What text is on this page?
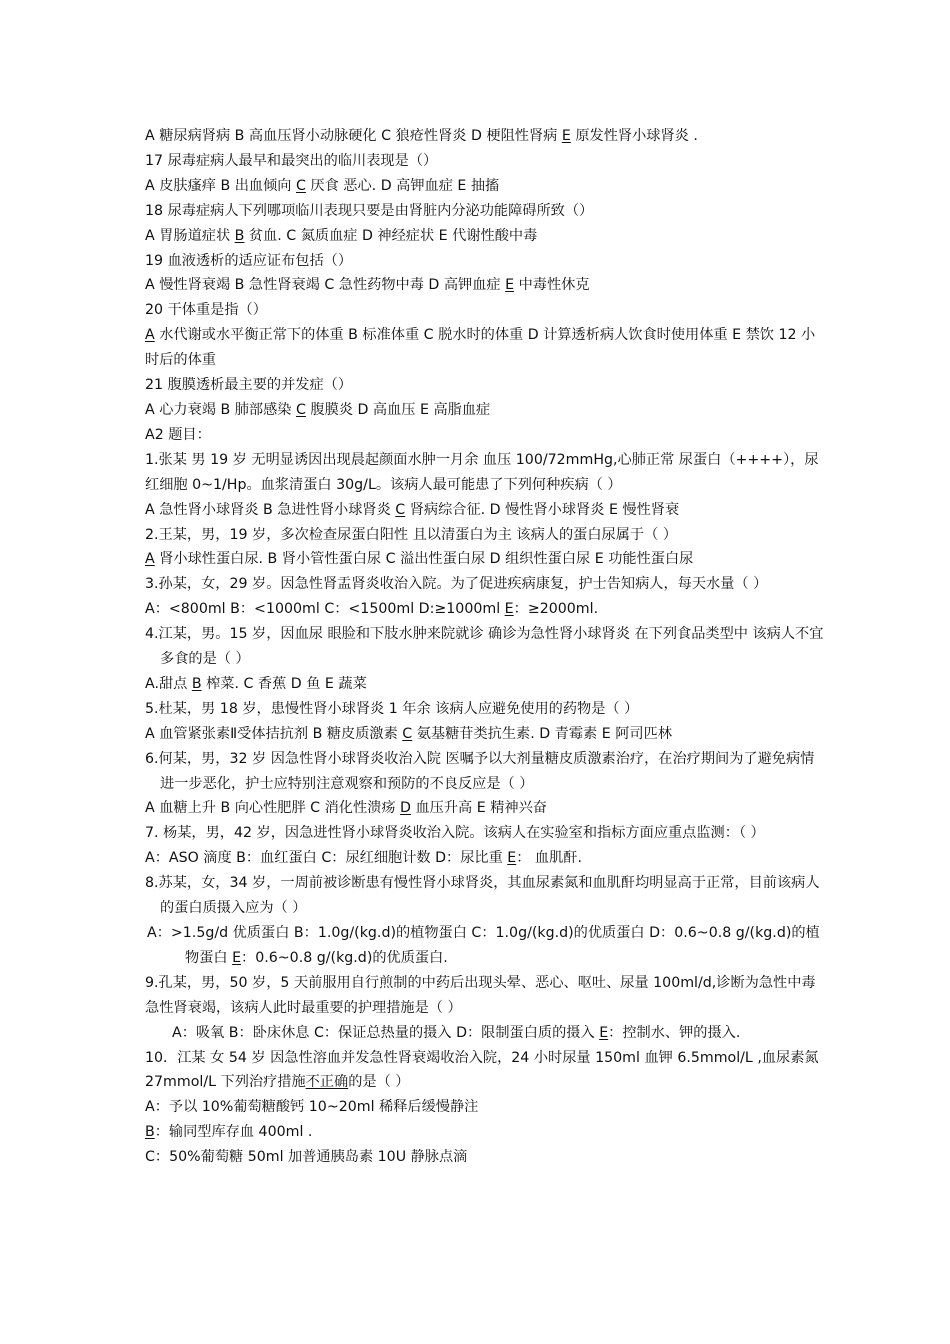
A 糖尿病肾病 B 高血压肾小动脉硬化 C 狼疮性肾炎 D 梗阻性肾病 E 原发性肾小球肾炎 .
17 尿毒症病人最早和最突出的临川表现是（）
A 皮肤瘙痒 B 出血倾向 C 厌食 恶心. D 高钾血症 E 抽搐
18 尿毒症病人下列哪项临川表现只要是由肾脏内分泌功能障碍所致（）
A 胃肠道症状 B 贫血. C 氮质血症 D 神经症状 E 代谢性酸中毒
19 血液透析的适应证布包括（）
A 慢性肾衰竭 B 急性肾衰竭 C 急性药物中毒 D 高钾血症 E 中毒性休克
20 干体重是指（）
A 水代谢或水平衡正常下的体重 B 标准体重 C 脱水时的体重 D 计算透析病人饮食时使用体重 E 禁饮 12 小时后的体重
21 腹膜透析最主要的并发症（）
A 心力衰竭 B 肺部感染 C 腹膜炎 D 高血压 E 高脂血症
A2 题目：
1.张某 男 19 岁 无明显诱因出现晨起颜面水肿一月余 血压 100/72mmHg,心肺正常 尿蛋白（++++），尿红细胞 0~1/Hp。血浆清蛋白 30g/L。该病人最可能患了下列何种疾病（ ）
A 急性肾小球肾炎 B 急进性肾小球肾炎 C 肾病综合征. D 慢性肾小球肾炎 E 慢性肾衰
2.王某，男，19 岁，多次检查尿蛋白阳性 且以清蛋白为主 该病人的蛋白尿属于（ ）
A 肾小球性蛋白尿. B 肾小管性蛋白尿 C 溢出性蛋白尿 D 组织性蛋白尿 E 功能性蛋白尿
3.孙某，女，29 岁。因急性肾盂肾炎收治入院。为了促进疾病康复，护士告知病人，每天水量（ ）
A：<800ml B：<1000ml C：<1500ml D:≥1000ml E：≥2000ml.
4.江某，男。15 岁，因血尿 眼脸和下肢水肿来院就诊 确诊为急性肾小球肾炎 在下列食品类型中 该病人不宜多食的是（ ）
A.甜点 B 榨菜. C 香蕉 D 鱼 E 蔬菜
5.杜某，男 18 岁，患慢性肾小球肾炎 1 年余 该病人应避免使用的药物是（ ）
A 血管紧张素Ⅱ受体拮抗剂 B 糖皮质激素 C 氨基糖苷类抗生素. D 青霉素 E 阿司匹林
6.何某，男，32 岁 因急性肾小球肾炎收治入院 医嘱予以大剂量糖皮质激素治疗，在治疗期间为了避免病情进一步恶化，护士应特别注意观察和预防的不良反应是（ ）
A 血糖上升 B 向心性肥胖 C 消化性溃疡 D 血压升高 E 精神兴奋
7. 杨某，男，42 岁，因急进性肾小球肾炎收治入院。该病人在实验室和指标方面应重点监测：（ ）
A：ASO 滴度 B：血红蛋白 C：尿红细胞计数 D：尿比重 E： 血肌酐.
8.苏某，女，34 岁，一周前被诊断患有慢性肾小球肾炎，其血尿素氮和血肌酐均明显高于正常，目前该病人的蛋白质摄入应为（ ）
A：>1.5g/d 优质蛋白 B：1.0g/(kg.d)的植物蛋白 C：1.0g/(kg.d)的优质蛋白 D：0.6~0.8 g/(kg.d)的植物蛋白 E：0.6~0.8 g/(kg.d)的优质蛋白.
9.孔某，男，50 岁，5 天前服用自行煎制的中药后出现头晕、恶心、呕吐、尿量 100ml/d,诊断为急性中毒 急性肾衰竭，该病人此时最重要的护理措施是（ ）
A：吸氧 B：卧床休息 C：保证总热量的摄入 D：限制蛋白质的摄入 E：控制水、钾的摄入.
10．江某 女 54 岁 因急性溶血并发急性肾衰竭收治入院，24 小时尿量 150ml 血钾 6.5mmol/L ,血尿素氮 27mmol/L 下列治疗措施不正确的是（ ）
A：予以 10%葡萄糖酸钙 10~20ml 稀释后缓慢静注
B：输同型库存血 400ml .
C：50%葡萄糖 50ml 加普通胰岛素 10U 静脉点滴
